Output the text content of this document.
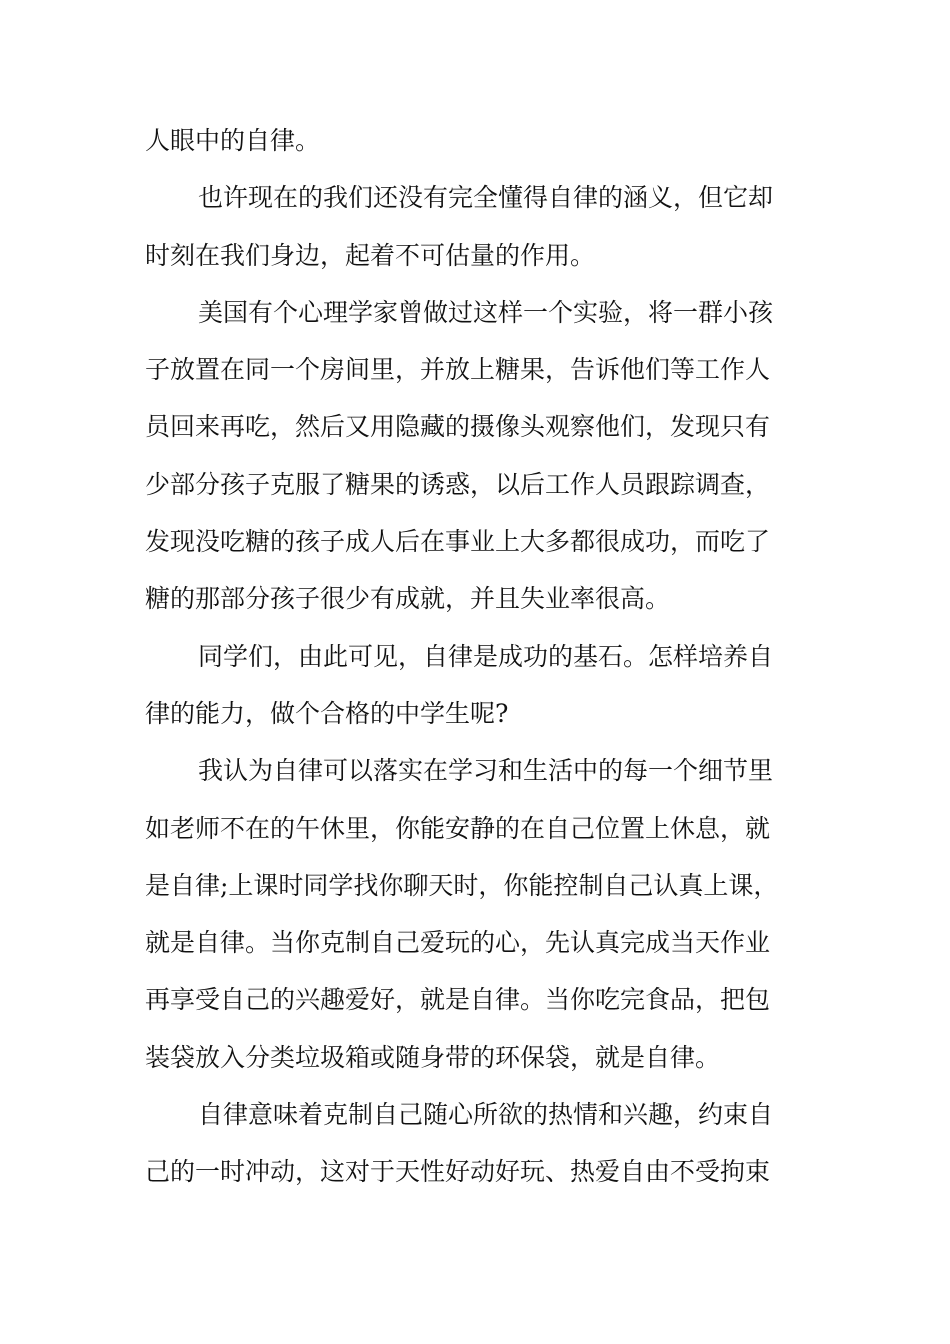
人眼中的自律。
也许现在的我们还没有完全懂得自律的涵义，但它却
时刻在我们身边，起着不可估量的作用。
美国有个心理学家曾做过这样一个实验，将一群小孩
子放置在同一个房间里，并放上糖果，告诉他们等工作人
员回来再吃，然后又用隐藏的摄像头观察他们，发现只有
少部分孩子克服了糖果的诱惑，以后工作人员跟踪调查，
发现没吃糖的孩子成人后在事业上大多都很成功，而吃了
糖的那部分孩子很少有成就，并且失业率很高。
同学们，由此可见，自律是成功的基石。怎样培养自
律的能力，做个合格的中学生呢?
我认为自律可以落实在学习和生活中的每一个细节里
如老师不在的午休里，你能安静的在自己位置上休息，就
是自律;上课时同学找你聊天时，你能控制自己认真上课，
就是自律。当你克制自己爱玩的心，先认真完成当天作业
再享受自己的兴趣爱好，就是自律。当你吃完食品，把包
装袋放入分类垃圾箱或随身带的环保袋，就是自律。
自律意味着克制自己随心所欲的热情和兴趣，约束自
己的一时冲动，这对于天性好动好玩、热爱自由不受拘束
